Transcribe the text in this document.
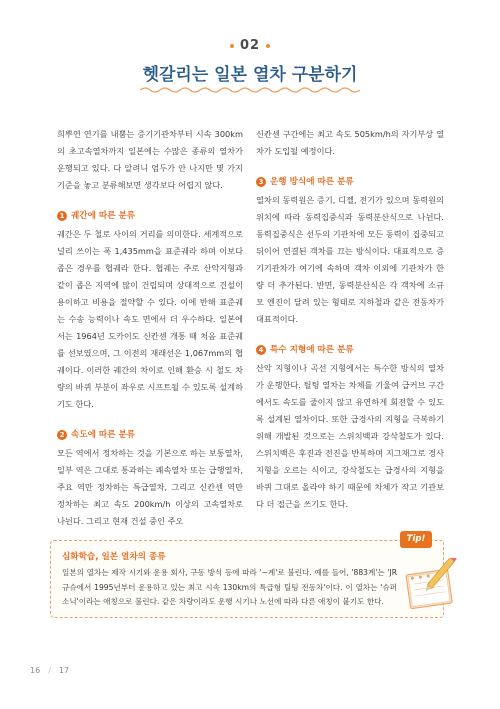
02
헷갈리는 일본 열차 구분하기

희뿌연 연기를 내뿜는 증기기관차부터 시속 300km의 초고속열차까지 일본에는 수많은 종류의 열차가 운행되고 있다. 다 알려니 엄두가 안 나지만 몇 가지 기준을 놓고 분류해보면 생각보다 어렵지 않다.

1 궤간에 따른 분류

궤간은 두 철로 사이의 거리를 의미한다. 세계적으로 널리 쓰이는 폭 1,435mm을 표준궤라 하며 이보다 좁은 경우를 협궤라 한다. 협궤는 주로 산악지형과 같이 좁은 지역에 많이 건립되며 상대적으로 건설이 용이하고 비용을 절약할 수 있다. 이에 반해 표준궤는 수송 능력이나 속도 면에서 더 우수하다. 일본에서는 1964년 도카이도 신칸센 개통 때 처음 표준궤를 선보였으며, 그 이전의 재래선은 1,067mm의 협궤이다. 이러한 궤간의 차이로 인해 환승 시 철도 차량의 바퀴 부분이 좌우로 시프트될 수 있도록 설계하기도 한다.

2 속도에 따른 분류

모든 역에서 정차하는 것을 기본으로 하는 보통열차, 일부 역은 그대로 통과하는 쾌속열차 또는 급행열차, 주요 역만 정차하는 특급열차, 그리고 신칸센 역만 정차하는 최고 속도 200km/h 이상의 고속열차로 나뉜다. 그리고 현재 건설 중인 주오

신칸센 구간에는 최고 속도 505km/h의 자기부상 열차가 도입될 예정이다.

3 운행 방식에 따른 분류

열차의 동력원은 증기, 디젤, 전기가 있으며 동력원의 위치에 따라 동력집중식과 동력분산식으로 나뉜다. 동력집중식은 선두의 기관차에 모든 동력이 집중되고 뒤이어 연결된 객차를 끄는 방식이다. 대표적으로 증기기관차가 여기에 속하며 객차 이외에 기관차가 한 량 더 추가된다. 반면, 동력분산식은 각 객차에 소규모 엔진이 달려 있는 형태로 지하철과 같은 전동차가 대표적이다.

4 특수 지형에 따른 분류

산악 지형이나 곡선 지형에서는 특수한 방식의 열차가 운행한다. 틸팅 열차는 차체를 기울여 급커브 구간에서도 속도를 줄이지 않고 유연하게 회전할 수 있도록 설계된 열차이다. 또한 급경사의 지형을 극복하기 위해 개발된 것으로는 스위치백과 강삭철도가 있다. 스위치백은 후진과 전진을 반복하며 지그재그로 경사 지형을 오르는 식이고, 강삭철도는 급경사의 지형을 바퀴 그대로 올라야 하기 때문에 차체가 작고 기관보다 더 접근을 쓰기도 한다.

Tip!
심화학습, 일본 열차의 종류
일본의 열차는 제작 시기와 운용 회사, 구동 방식 등에 따라 '~계'로 불린다. 예를 들어, '883계'는 'JR규슈에서 1995년부터 운용하고 있는 최고 시속 130km의 특급형 틸팅 전동차'이다. 이 열차는 '슈퍼 소닉'이라는 애칭으로 불린다. 같은 차량이라도 운행 시기나 노선에 따라 다른 애칭이 붙기도 한다.
16 / 17
